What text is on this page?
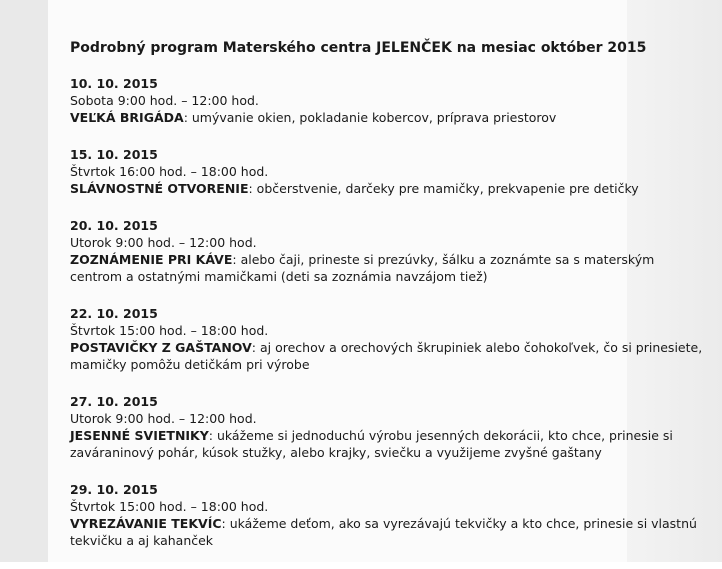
Podrobný program Materského centra JELENČEK na mesiac október 2015
10. 10. 2015
Sobota 9:00 hod. – 12:00 hod.
VEĽKÁ BRIGÁDA: umývanie okien, pokladanie kobercov, príprava priestorov
15. 10. 2015
Štvrtok 16:00 hod. – 18:00 hod.
SLÁVNOSTNÉ OTVORENIE: občerstvenie, darčeky pre mamičky, prekvapenie pre detičky
20. 10. 2015
Utorok 9:00 hod. – 12:00 hod.
ZOZNÁMENIE PRI KÁVE: alebo čaji, prineste si prezúvky, šálku a zoznámte sa s materským centrom a ostatnými mamičkami (deti sa zoznámia navzájom tiež)
22. 10. 2015
Štvrtok 15:00 hod. – 18:00 hod.
POSTAVIČKY Z GAŠTANOV: aj orechov a orechových škrupiniek alebo čohokoľvek, čo si prinesiete, mamičky pomôžu detičkám pri výrobe
27. 10. 2015
Utorok 9:00 hod. – 12:00 hod.
JESENNÉ SVIETNIKY: ukážeme si jednoduchú výrobu jesenných dekorácii, kto chce, prinesie si zaváraninový pohár, kúsok stužky, alebo krajky, sviečku a využijeme zvyšné gaštany
29. 10. 2015
Štvrtok 15:00 hod. – 18:00 hod.
VYREZÁVANIE TEKVÍC: ukážeme deťom, ako sa vyrezávajú tekvičky a kto chce, prinesie si vlastnú tekvičku a aj kahanček
